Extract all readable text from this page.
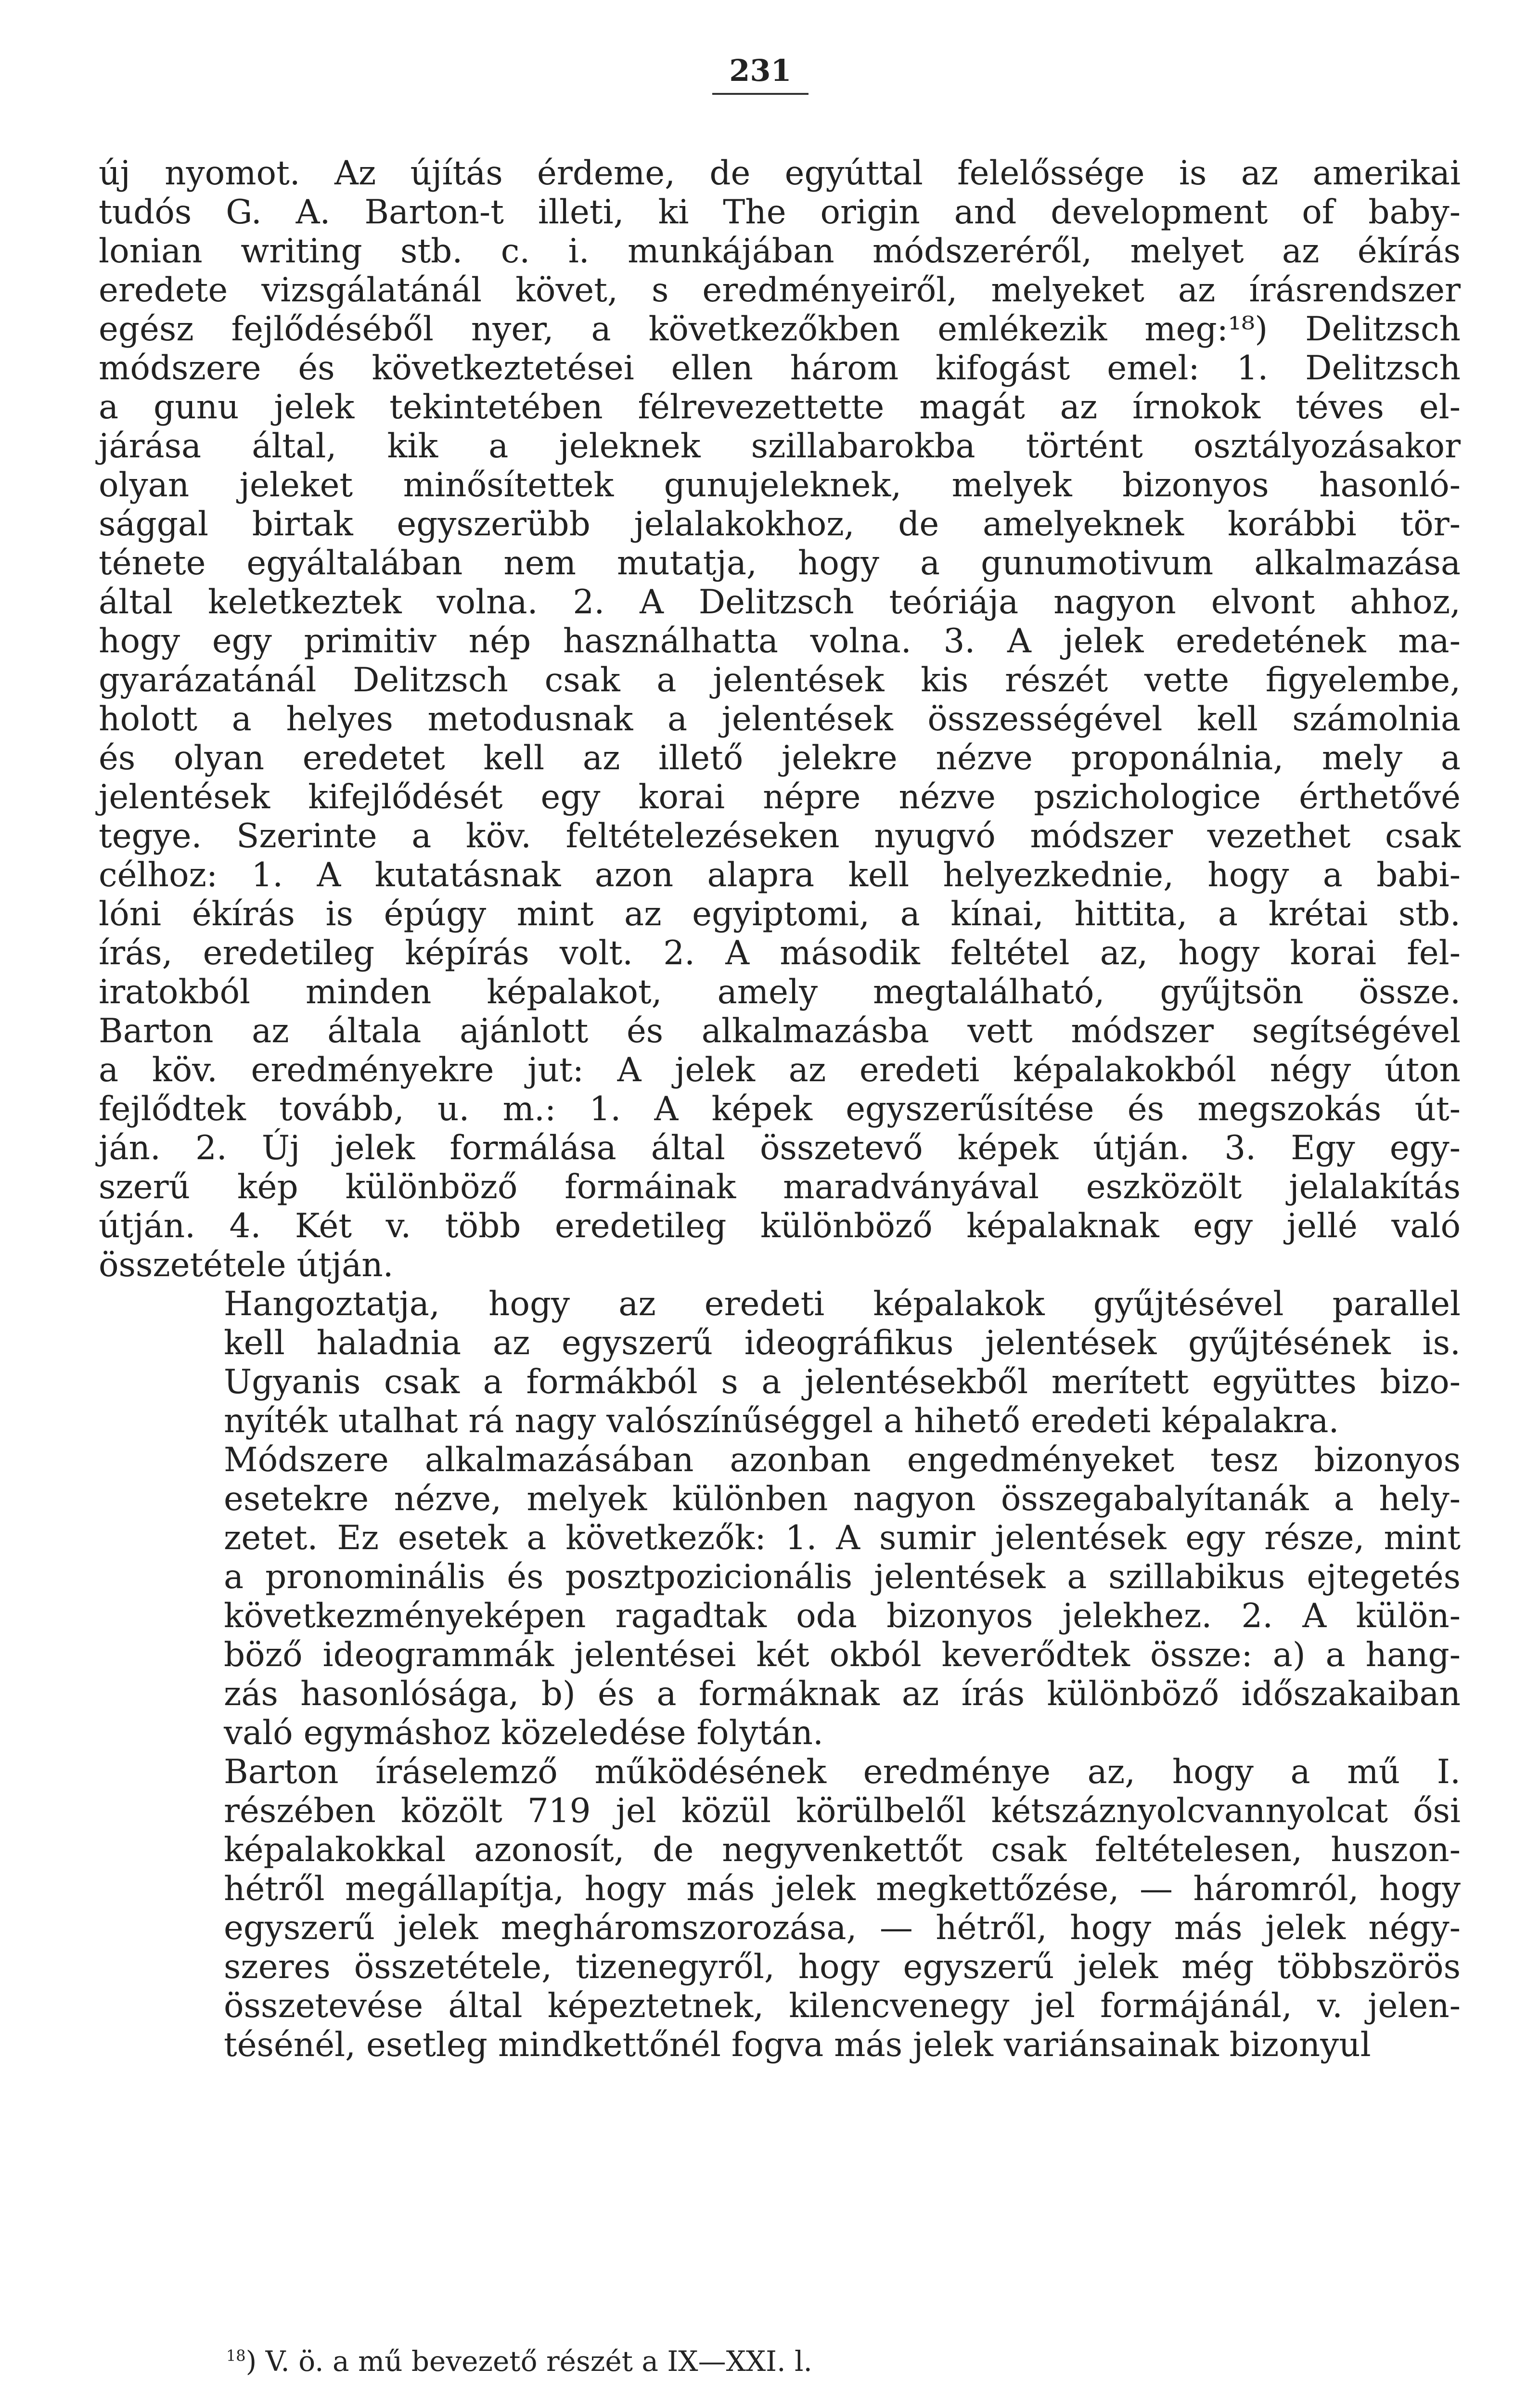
231

új nyomot. Az újítás érdeme, de egyúttal felelőssége is az amerikai
tudós G. A. Barton-t illeti, ki The origin and development of baby-
lonian writing stb. c. i. munkájában módszeréről, melyet az ékírás
eredete vizsgálatánál követ, s eredményeiről, melyeket az írásrendszer
egész fejlődéséből nyer, a következőkben emlékezik meg:¹⁸) Delitzsch
módszere és következtetései ellen három kifogást emel: 1. Delitzsch
a gunu jelek tekintetében félrevezettette magát az írnokok téves el-
járása által, kik a jeleknek szillabarokba történt osztályozásakor
olyan jeleket minősítettek gunujeleknek, melyek bizonyos hasonló-
sággal birtak egyszerübb jelalakokhoz, de amelyeknek korábbi tör-
ténete egyáltalában nem mutatja, hogy a gunumotivum alkalmazása
által keletkeztek volna. 2. A Delitzsch teóriája nagyon elvont ahhoz,
hogy egy primitiv nép használhatta volna. 3. A jelek eredetének ma-
gyarázatánál Delitzsch csak a jelentések kis részét vette figyelembe,
holott a helyes metodusnak a jelentések összességével kell számolnia
és olyan eredetet kell az illető jelekre nézve proponálnia, mely a
jelentések kifejlődését egy korai népre nézve pszichologice érthetővé
tegye. Szerinte a köv. feltételezéseken nyugvó módszer vezethet csak
célhoz: 1. A kutatásnak azon alapra kell helyezkednie, hogy a babi-
lóni ékírás is épúgy mint az egyiptomi, a kínai, hittita, a krétai stb.
írás, eredetileg képírás volt. 2. A második feltétel az, hogy korai fel-
iratokból minden képalakot, amely megtalálható, gyűjtsön össze.
Barton az általa ajánlott és alkalmazásba vett módszer segítségével
a köv. eredményekre jut: A jelek az eredeti képalakokból négy úton
fejlődtek tovább, u. m.: 1. A képek egyszerűsítése és megszokás út-
ján. 2. Új jelek formálása által összetevő képek útján. 3. Egy egy-
szerű kép különböző formáinak maradványával eszközölt jelalakítás
útján. 4. Két v. több eredetileg különböző képalaknak egy jellé való
összetétele útján.

Hangoztatja, hogy az eredeti képalakok gyűjtésével parallel
kell haladnia az egyszerű ideográfikus jelentések gyűjtésének is.
Ugyanis csak a formákból s a jelentésekből merített együttes bizo-
nyíték utalhat rá nagy valószínűséggel a hihető eredeti képalakra.

Módszere alkalmazásában azonban engedményeket tesz bizonyos
esetekre nézve, melyek különben nagyon összegabalyítanák a hely-
zetet. Ez esetek a következők: 1. A sumir jelentések egy része, mint
a pronominális és posztpozicionális jelentések a szillabikus ejtegetés
következményeképen ragadtak oda bizonyos jelekhez. 2. A külön-
böző ideogrammák jelentései két okból keverődtek össze: a) a hang-
zás hasonlósága, b) és a formáknak az írás különböző időszakaiban
való egymáshoz közeledése folytán.

Barton íráselemző működésének eredménye az, hogy a mű I.
részében közölt 719 jel közül körülbelől kétszáznyolcvannyolcat ősi
képalakokkal azonosít, de negyvenkettőt csak feltételesen, huszon-
hétről megállapítja, hogy más jelek megkettőzése, — háromról, hogy
egyszerű jelek megháromszorozása, — hétről, hogy más jelek négy-
szeres összetétele, tizenegyről, hogy egyszerű jelek még többszörös
összetevése által képeztetnek, kilencvenegy jel formájánál, v. jelen-
tésénél, esetleg mindkettőnél fogva más jelek variánsainak bizonyul

$^{18}$) V. ö. a mű bevezető részét a IX—XXI. l.
